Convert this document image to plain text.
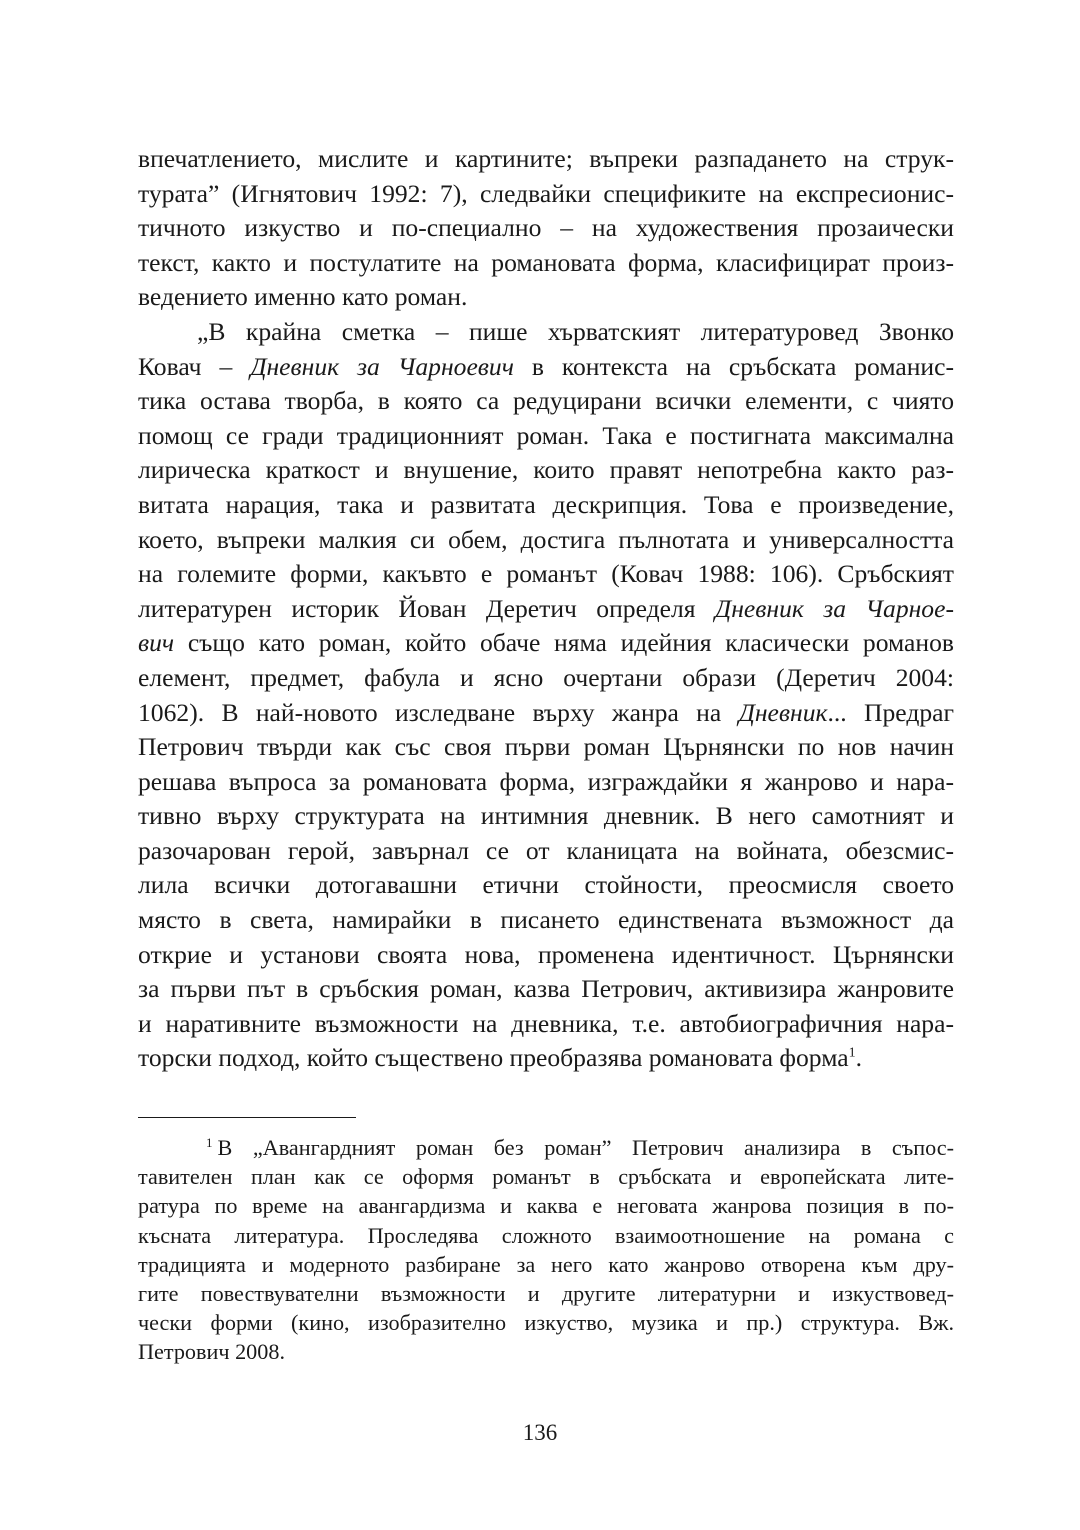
впечатлението, мислите и картините; въпреки разпадането на струк-
турата” (Игнятович 1992: 7), следвайки спецификите на експресионис-
тичното изкуство и по-специално – на художествения прозаически
текст, както и постулатите на романовата форма, класифицират произ-
ведението именно като роман.
„В крайна сметка – пише хърватският литературовед Звонко
Ковач – Дневник за Чарноевич в контекста на сръбската романис-
тика остава творба, в която са редуцирани всички елементи, с чиято
помощ се гради традиционният роман. Така е постигната максимална
лирическа краткост и внушение, които правят непотребна както раз-
витата нарация, така и развитата дескрипция. Това е произведение,
което, въпреки малкия си обем, достига пълнотата и универсалността
на големите форми, какъвто е романът (Ковач 1988: 106). Сръбският
литературен историк Йован Деретич определя Дневник за Чарное-
вич също като роман, който обаче няма идейния класически романов
елемент, предмет, фабула и ясно очертани образи (Деретич 2004:
1062). В най-новото изследване върху жанра на Дневник... Предраг
Петрович твърди как със своя първи роман Църнянски по нов начин
решава въпроса за романовата форма, изграждайки я жанрово и нара-
тивно върху структурата на интимния дневник. В него самотният и
разочарован герой, завърнал се от кланицата на войната, обезсмис-
лила всички дотогавашни етични стойности, преосмисля своето
място в света, намирайки в писането единствената възможност да
открие и установи своята нова, променена идентичност. Църнянски
за първи път в сръбския роман, казва Петрович, активизира жанровите
и наративните възможности на дневника, т.е. автобиографичния нара-
торски подход, който съществено преобразява романовата форма$^1$.
$^1$ В „Авангардният роман без роман” Петрович анализира в съпос-
тавителен план как се оформя романът в сръбската и европейската лите-
ратура по време на авангардизма и каква е неговата жанрова позиция в по-
късната литература. Проследява сложното взаимоотношение на романа с
традицията и модерното разбиране за него като жанрово отворена към дру-
гите повествувателни възможности и другите литературни и изкуствовед-
чески форми (кино, изобразително изкуство, музика и пр.) структура. Вж.
Петрович 2008.
136
